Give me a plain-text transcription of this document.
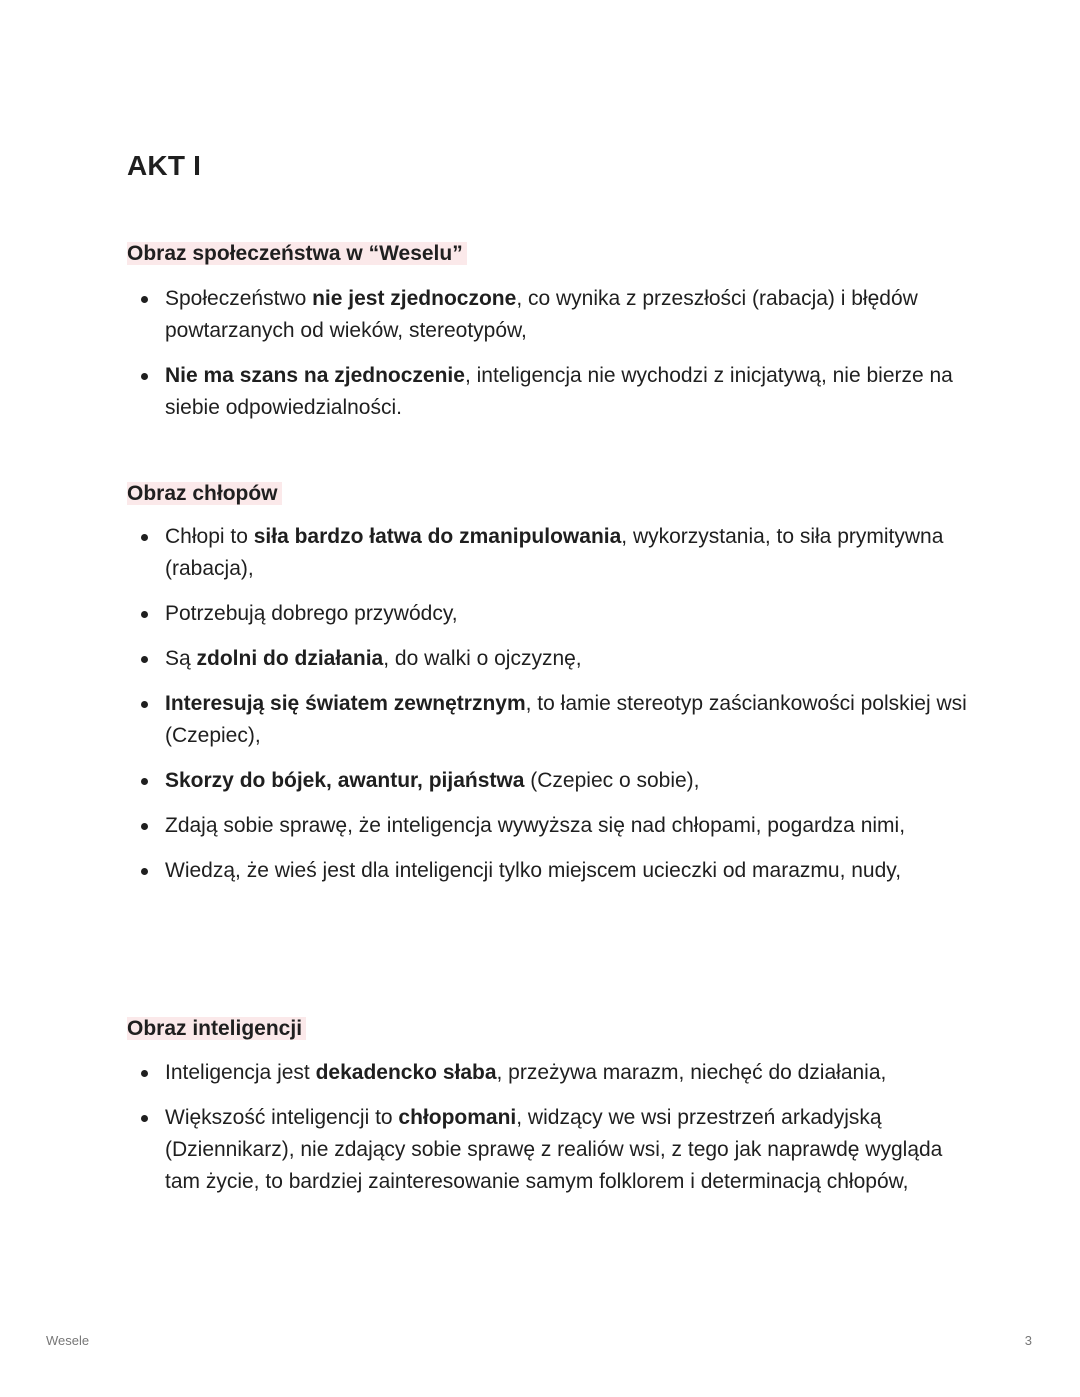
AKT I
Obraz społeczeństwa w “Weselu”
Społeczeństwo nie jest zjednoczone, co wynika z przeszłości (rabacja) i błędów powtarzanych od wieków, stereotypów,
Nie ma szans na zjednoczenie, inteligencja nie wychodzi z inicjatywą, nie bierze na siebie odpowiedzialności.
Obraz chłopów
Chłopi to siła bardzo łatwa do zmanipulowania, wykorzystania, to siła prymitywna (rabacja),
Potrzebują dobrego przywódcy,
Są zdolni do działania, do walki o ojczyznę,
Interesują się światem zewnętrznym, to łamie stereotyp zaściankowości polskiej wsi (Czepiec),
Skorzy do bójek, awantur, pijaństwa (Czepiec o sobie),
Zdają sobie sprawę, że inteligencja wywyższa się nad chłopami, pogardza nimi,
Wiedzą, że wieś jest dla inteligencji tylko miejscem ucieczki od marazmu, nudy,
Obraz inteligencji
Inteligencja jest dekadencko słaba, przeżywa marazm, niechęć do działania,
Większość inteligencji to chłopomani, widzący we wsi przestrzeń arkadyjską (Dziennikarz), nie zdający sobie sprawę z realiów wsi, z tego jak naprawdę wygląda tam życie, to bardziej zainteresowanie samym folklorem i determinacją chłopów,
Wesele	3
